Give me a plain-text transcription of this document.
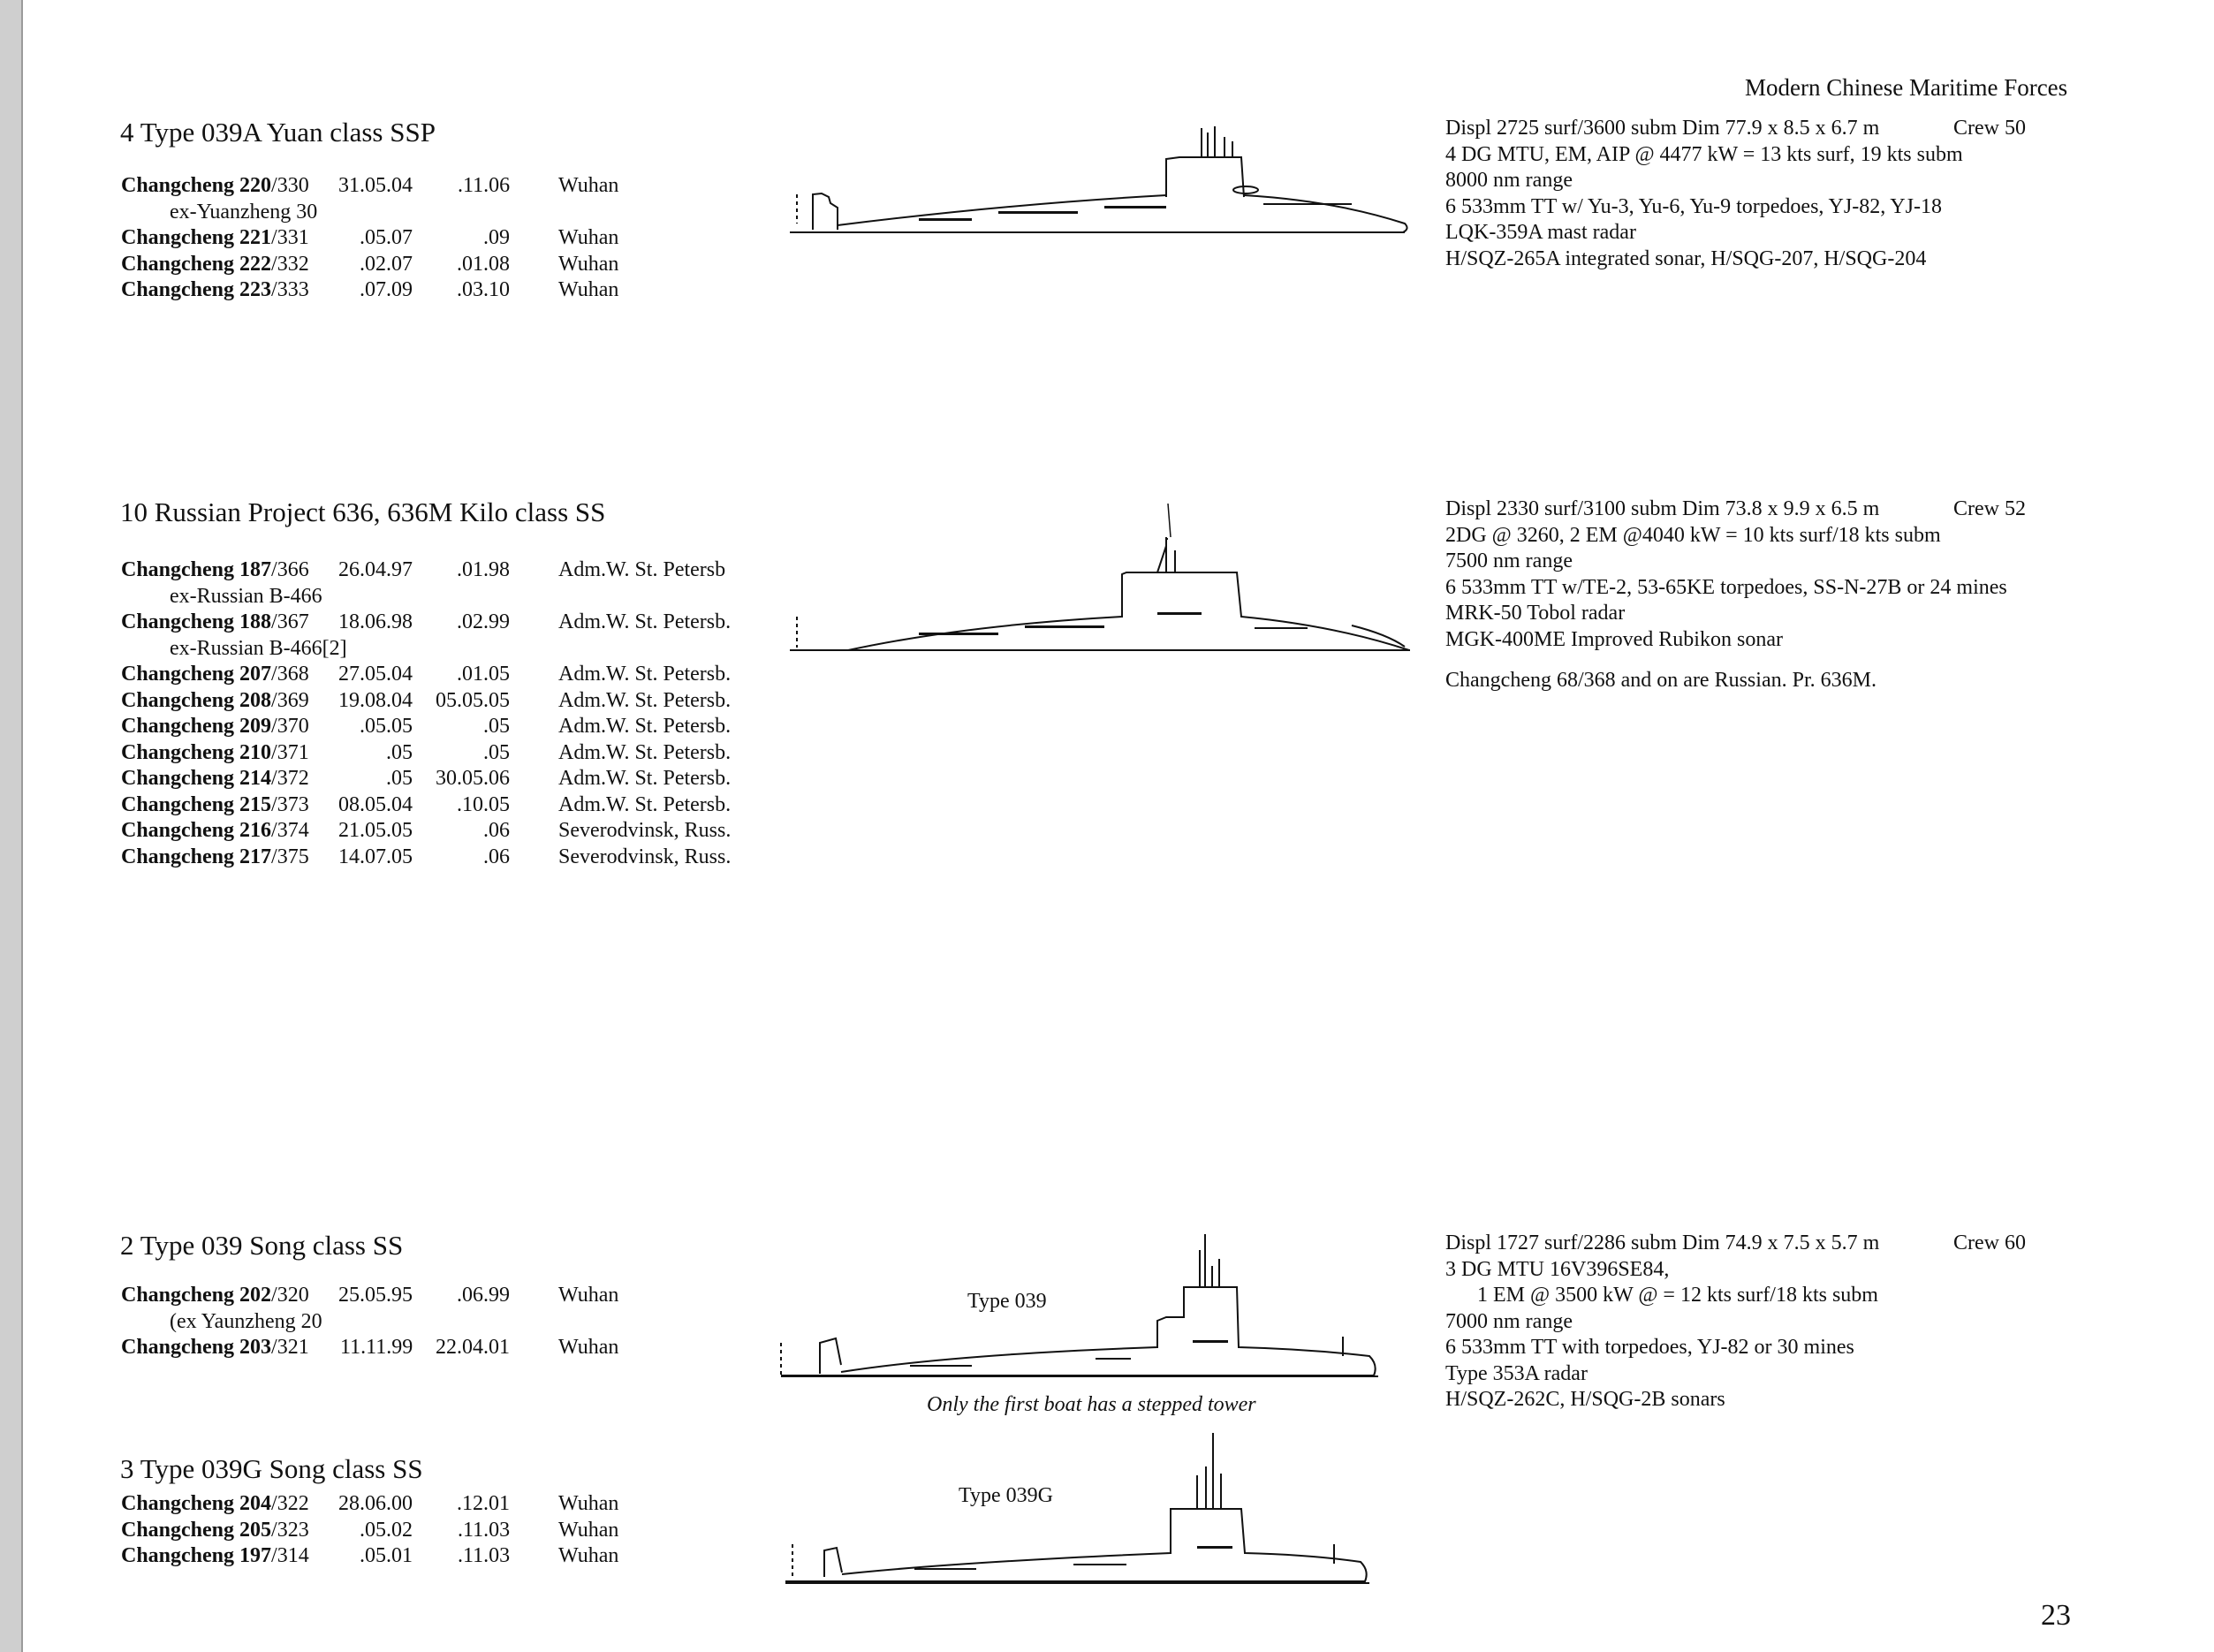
Modern Chinese Maritime Forces
23
4 Type 039A Yuan class SSP
Changcheng 220/330 31.05.04 .11.06 Wuhan
ex-Yuanzheng 30
Changcheng 221/331 .05.07	.09 Wuhan
Changcheng 222/332 .02.07 .01.08 Wuhan
Changcheng 223/333 .07.09 .03.10 Wuhan
Displ 2725 surf/3600 subm Dim 77.9 x 8.5 x 6.7 m	Crew 50
4 DG MTU, EM, AIP @ 4477 kW = 13 kts surf, 19 kts subm
8000 nm range
6 533mm TT w/ Yu-3, Yu-6, Yu-9 torpedoes, YJ-82, YJ-18
LQK-359A mast radar
H/SQZ-265A integrated sonar, H/SQG-207, H/SQG-204
10 Russian Project 636, 636M Kilo class SS
Changcheng 187/366 26.04.97 .01.98 Adm.W. St. Petersb
ex-Russian B-466
Changcheng 188/367 18.06.98 .02.99 Adm.W. St. Petersb.
ex-Russian B-466[2]
Changcheng 207/368 27.05.04 .01.05 Adm.W. St. Petersb.
Changcheng 208/369 19.08.04 05.05.05 Adm.W. St. Petersb.
Changcheng 209/370 .05.05	.05 Adm.W. St. Petersb.
Changcheng 210/371	.05	.05 Adm.W. St. Petersb.
Changcheng 214/372	.05 30.05.06 Adm.W. St. Petersb.
Changcheng 215/373 08.05.04 .10.05 Adm.W. St. Petersb.
Changcheng 216/374 21.05.05	.06 Severodvinsk, Russ.
Changcheng 217/375 14.07.05	.06 Severodvinsk, Russ.
Displ 2330 surf/3100 subm Dim 73.8 x 9.9 x 6.5 m	Crew 52
2DG @ 3260, 2 EM @4040 kW = 10 kts surf/18 kts subm
7500 nm range
6 533mm TT w/TE-2, 53-65KE torpedoes, SS-N-27B or 24 mines
MRK-50 Tobol radar
MGK-400ME Improved Rubikon sonar
Changcheng 68/368 and on are Russian. Pr. 636M.
2 Type 039 Song class SS
Changcheng 202/320 25.05.95 .06.99 Wuhan
(ex Yaunzheng 20
Changcheng 203/321 11.11.99 22.04.01 Wuhan
Displ 1727 surf/2286 subm Dim 74.9 x 7.5 x 5.7 m	Crew 60
3 DG MTU 16V396SE84,
1 EM @ 3500 kW @ = 12 kts surf/18 kts subm
7000 nm range
6 533mm TT with torpedoes, YJ-82 or 30 mines
Type 353A radar
H/SQZ-262C, H/SQG-2B sonars
Type 039
Only the first boat has a stepped tower
3 Type 039G Song class SS
Changcheng 204/322 28.06.00 .12.01 Wuhan
Changcheng 205/323 .05.02 .11.03 Wuhan
Changcheng 197/314 .05.01 .11.03 Wuhan
Type 039G
